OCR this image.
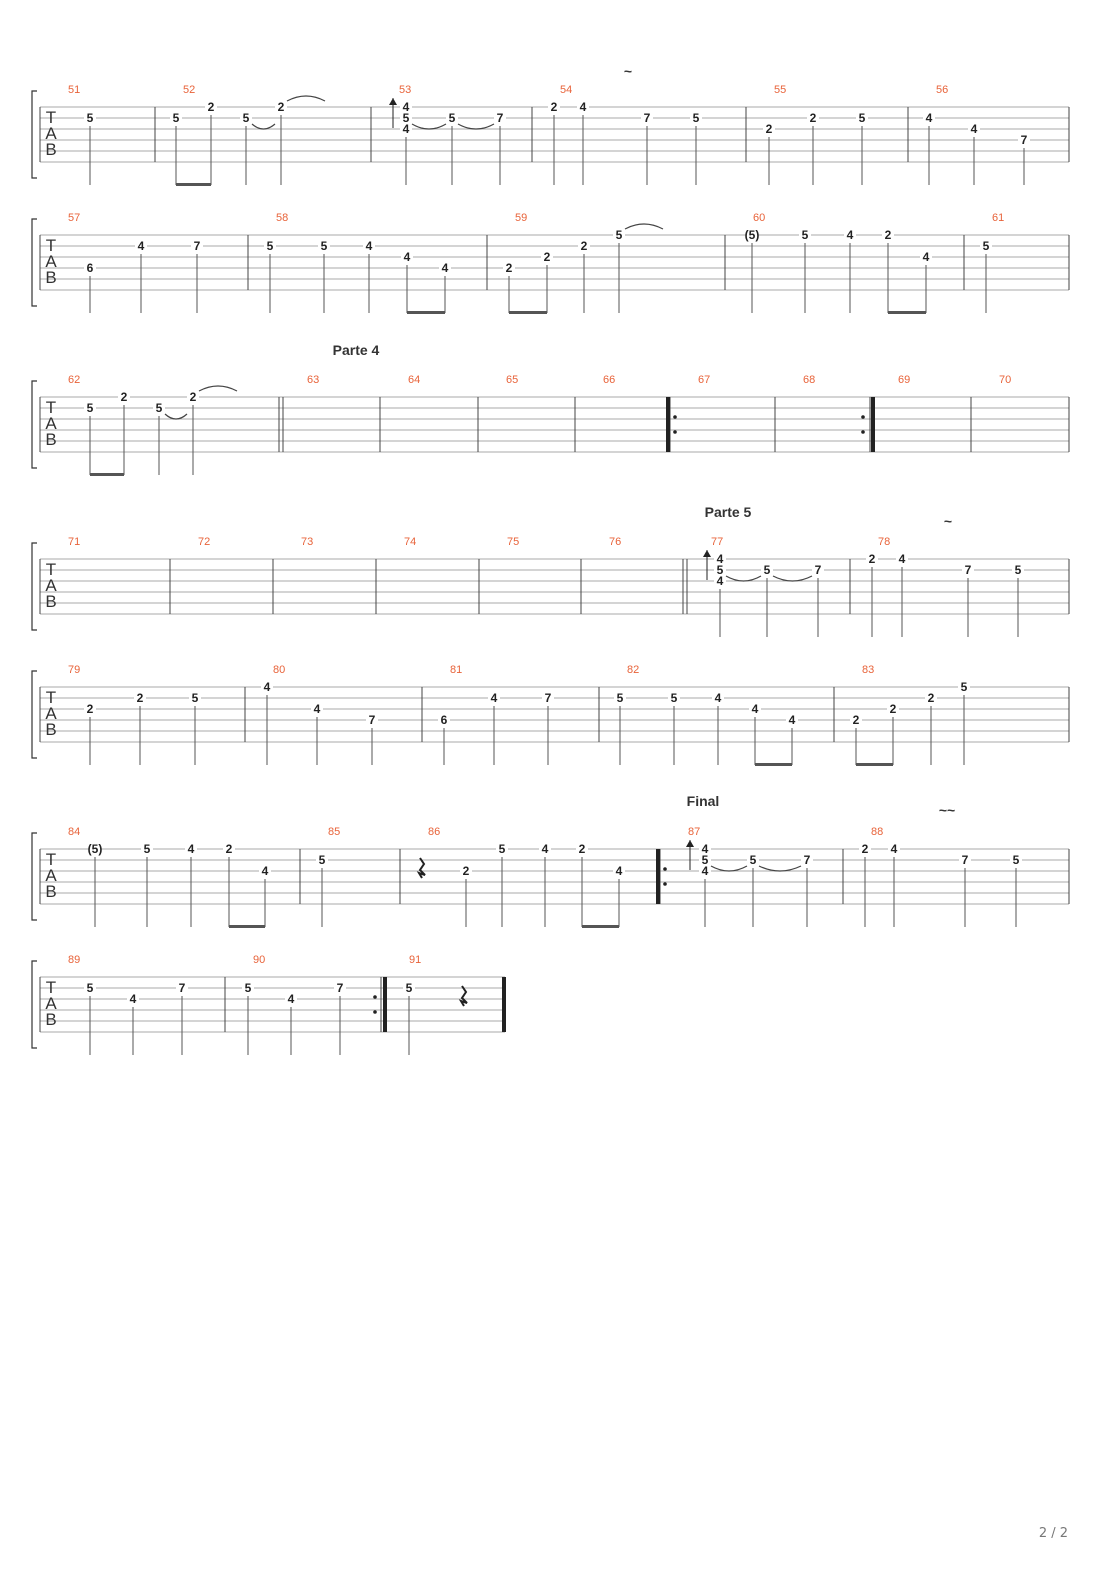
T
A
B
51
5
52
5
2
5
2
53
4
5
4
5	7
54
2 4
7	5
55
2
2	5
56
4
4
7
T
A
B
57
6
4	7
58
5	5	4
4
4
59
2
2
2
5
60
(5)	5	4	2
4
61
5
T
A
B
62
5
2
5
2
63	64	65	66	67	68	69	70
T
A
B
71	72	73	74	75	76	77
4
5
4
5	7
78
2 4
7	5
T
A
B
79
2
2	5
80
4
4
7
81
6
4	7
82
5	5	4
4
4
83
2
2
2
5
T
A
B
84
(5)	5	4	2
4
85
5
86
2
5	4	2
4
87
4
5
4
5	7
88
2 4
7	5
T
A
B
89
5
4
7
90
5
4
7
91
5
Parte 4
Parte 5
Final
~
~
~~
2 / 2
